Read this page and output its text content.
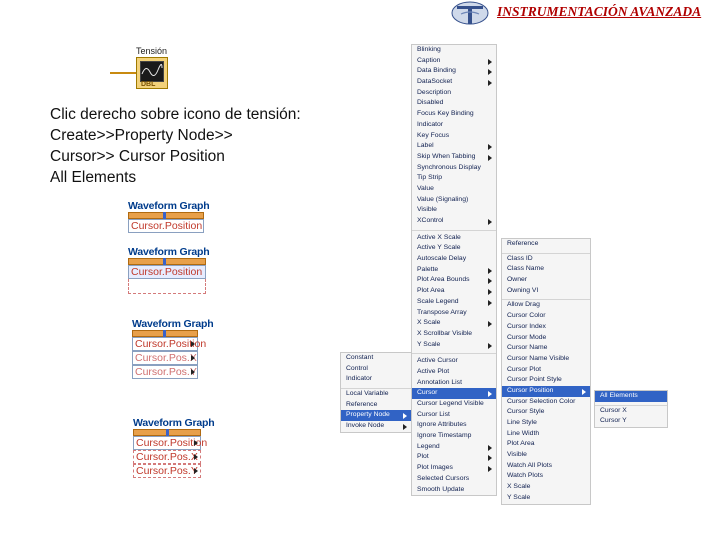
INSTRUMENTACIÓN AVANZADA
Tensión
DBL
Clic derecho sobre icono de tensión:
Create>>Property Node>>
Cursor>> Cursor Position
All Elements
Waveform Graph
Cursor.Position
Waveform Graph
Cursor.Position
Waveform Graph
Cursor.Position
Cursor.Pos.X
Cursor.Pos.Y
Waveform Graph
Cursor.Position
Cursor.Pos.X
Cursor.Pos.Y
Constant
Control
Indicator
Local Variable
Reference
Property Node
Invoke Node
Blinking
Caption
Data Binding
DataSocket
Description
Disabled
Focus Key Binding
Indicator
Key Focus
Label
Skip When Tabbing
Synchronous Display
Tip Strip
Value
Value (Signaling)
Visible
XControl
Active X Scale
Active Y Scale
Autoscale Delay
Palette
Plot Area Bounds
Plot Area
Scale Legend
Transpose Array
X Scale
X Scrollbar Visible
Y Scale
Active Cursor
Active Plot
Annotation List
Cursor
Cursor Legend Visible
Cursor List
Ignore Attributes
Ignore Timestamp
Legend
Plot
Plot Images
Selected Cursors
Smooth Update
Reference
Class ID
Class Name
Owner
Owning VI
Allow Drag
Cursor Color
Cursor Index
Cursor Mode
Cursor Name
Cursor Name Visible
Cursor Plot
Cursor Point Style
Cursor Position
Cursor Selection Color
Cursor Style
Line Style
Line Width
Plot Area
Visible
Watch All Plots
Watch Plots
X Scale
Y Scale
All Elements
Cursor X
Cursor Y
